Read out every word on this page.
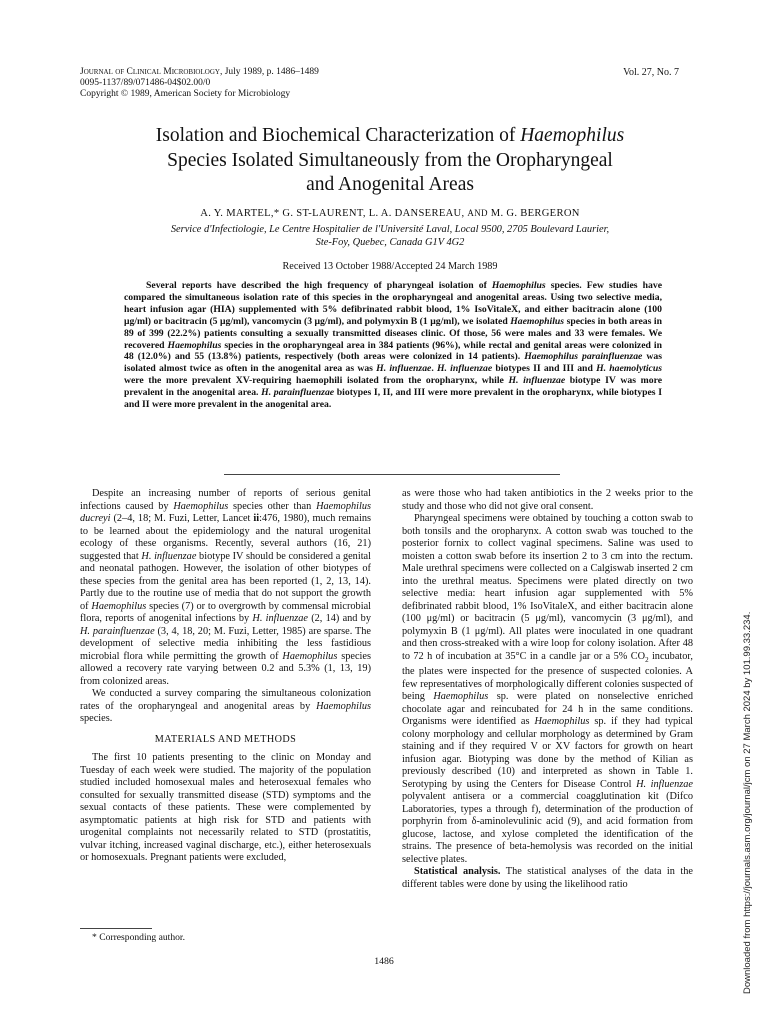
Journal of Clinical Microbiology, July 1989, p. 1486–1489
0095-1137/89/071486-04$02.00/0
Copyright © 1989, American Society for Microbiology
Vol. 27, No. 7
Isolation and Biochemical Characterization of Haemophilus
Species Isolated Simultaneously from the Oropharyngeal
and Anogenital Areas
A. Y. MARTEL,* G. ST-LAURENT, L. A. DANSEREAU, AND M. G. BERGERON
Service d'Infectiologie, Le Centre Hospitalier de l'Université Laval, Local 9500, 2705 Boulevard Laurier,
Ste-Foy, Quebec, Canada G1V 4G2
Received 13 October 1988/Accepted 24 March 1989

Several reports have described the high frequency of pharyngeal isolation of Haemophilus species. Few studies have compared the simultaneous isolation rate of this species in the oropharyngeal and anogenital areas. Using two selective media, heart infusion agar (HIA) supplemented with 5% defibrinated rabbit blood, 1% IsoVitaleX, and either bacitracin alone (100 μg/ml) or bacitracin (5 μg/ml), vancomycin (3 μg/ml), and polymyxin B (1 μg/ml), we isolated Haemophilus species in both areas in 89 of 399 (22.2%) patients consulting a sexually transmitted diseases clinic. Of those, 56 were males and 33 were females. We recovered Haemophilus species in the oropharyngeal area in 384 patients (96%), while rectal and genital areas were colonized in 48 (12.0%) and 55 (13.8%) patients, respectively (both areas were colonized in 14 patients). Haemophilus parainfluenzae was isolated almost twice as often in the anogenital area as was H. influenzae. H. influenzae biotypes II and III and H. haemolyticus were the more prevalent XV-requiring haemophili isolated from the oropharynx, while H. influenzae biotype IV was more prevalent in the anogenital area. H. parainfluenzae biotypes I, II, and III were more prevalent in the oropharynx, while biotypes I and II were more prevalent in the anogenital area.

Despite an increasing number of reports of serious genital infections caused by Haemophilus species other than Haemophilus ducreyi (2–4, 18; M. Fuzi, Letter, Lancet ii:476, 1980), much remains to be learned about the epidemiology and the natural urogenital ecology of these organisms. Recently, several authors (16, 21) suggested that H. influenzae biotype IV should be considered a genital and neonatal pathogen. However, the isolation of other biotypes of these species from the genital area has been reported (1, 2, 13, 14). Partly due to the routine use of media that do not support the growth of Haemophilus species (7) or to overgrowth by commensal microbial flora, reports of anogenital infections by H. influenzae (2, 14) and by H. parainfluenzae (3, 4, 18, 20; M. Fuzi, Letter, 1985) are sparse. The development of selective media inhibiting the less fastidious microbial flora while permitting the growth of Haemophilus species allowed a recovery rate varying between 0.2 and 5.3% (1, 13, 19) from colonized areas.

We conducted a survey comparing the simultaneous colonization rates of the oropharyngeal and anogenital areas by Haemophilus species.

MATERIALS AND METHODS

The first 10 patients presenting to the clinic on Monday and Tuesday of each week were studied. The majority of the population studied included homosexual males and heterosexual females who consulted for sexually transmitted disease (STD) symptoms and the sexual contacts of these patients. These were complemented by asymptomatic patients at high risk for STD and patients with urogenital complaints not necessarily related to STD (prostatitis, vulvar itching, increased vaginal discharge, etc.), either heterosexuals or homosexuals. Pregnant patients were excluded,

as were those who had taken antibiotics in the 2 weeks prior to the study and those who did not give oral consent.

Pharyngeal specimens were obtained by touching a cotton swab to both tonsils and the oropharynx. A cotton swab was touched to the posterior fornix to collect vaginal specimens. Saline was used to moisten a cotton swab before its insertion 2 to 3 cm into the rectum. Male urethral specimens were collected on a Calgiswab inserted 2 cm into the urethral meatus. Specimens were plated directly on two selective media: heart infusion agar supplemented with 5% defibrinated rabbit blood, 1% IsoVitaleX, and either bacitracin alone (100 μg/ml) or bacitracin (5 μg/ml), vancomycin (3 μg/ml), and polymyxin B (1 μg/ml). All plates were inoculated in one quadrant and then cross-streaked with a wire loop for colony isolation. After 48 to 72 h of incubation at 35°C in a candle jar or a 5% $CO_2$ incubator, the plates were inspected for the presence of suspected colonies. A few representatives of morphologically different colonies suspected of being Haemophilus sp. were plated on nonselective enriched chocolate agar and reincubated for 24 h in the same conditions. Organisms were identified as Haemophilus sp. if they had typical colony morphology and cellular morphology as determined by Gram staining and if they required V or XV factors for growth on heart infusion agar. Biotyping was done by the method of Kilian as previously described (10) and interpreted as shown in Table 1. Serotyping by using the Centers for Disease Control H. influenzae polyvalent antisera or a commercial coagglutination kit (Difco Laboratories, types a through f), determination of the production of porphyrin from δ-aminolevulinic acid (9), and acid formation from glucose, lactose, and xylose completed the identification of the strains. The presence of beta-hemolysis was recorded on the initial selective plates.

Statistical analysis. The statistical analyses of the data in the different tables were done by using the likelihood ratio

* Corresponding author.
1486	Downloaded from https://journals.asm.org/journal/jcm on 27 March 2024 by 101.99.33.234.
